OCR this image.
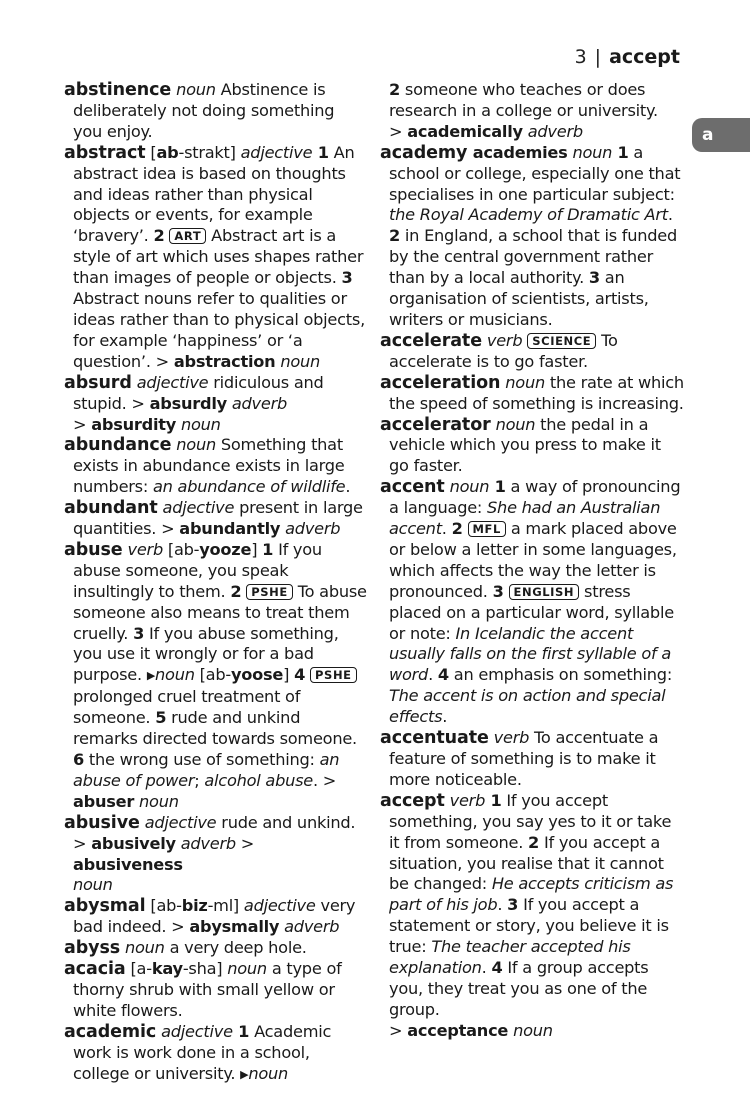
3 | accept
a

abstinence noun Abstinence is deliberately not doing something you enjoy.

abstract [ab-strakt] adjective 1 An abstract idea is based on thoughts and ideas rather than physical objects or events, for example ‘bravery’. 2 ART Abstract art is a style of art which uses shapes rather than images of people or objects. 3 Abstract nouns refer to qualities or ideas rather than to physical objects, for example ‘happiness’ or ‘a question’. > abstraction noun

absurd adjective ridiculous and stupid. > absurdly adverb
> absurdity noun

abundance noun Something that exists in abundance exists in large numbers: an abundance of wildlife.

abundant adjective present in large quantities. > abundantly adverb

abuse verb [ab-yooze] 1 If you abuse someone, you speak insultingly to them. 2 PSHE To abuse someone also means to treat them cruelly. 3 If you abuse something, you use it wrongly or for a bad purpose. ▶noun [ab-yoose] 4 PSHE prolonged cruel treatment of someone. 5 rude and unkind remarks directed towards someone. 6 the wrong use of something: an abuse of power; alcohol abuse. > abuser noun

abusive adjective rude and unkind.
> abusively adverb > abusiveness
noun

abysmal [ab-biz-ml] adjective very bad indeed. > abysmally adverb

abyss noun a very deep hole.

acacia [a-kay-sha] noun a type of thorny shrub with small yellow or white flowers.

academic adjective 1 Academic work is work done in a school, college or university. ▶noun

2 someone who teaches or does research in a college or university.
> academically adverb

academy academies noun 1 a school or college, especially one that specialises in one particular subject: the Royal Academy of Dramatic Art. 2 in England, a school that is funded by the central government rather than by a local authority. 3 an organisation of scientists, artists, writers or musicians.

accelerate verb SCIENCE To accelerate is to go faster.

acceleration noun the rate at which the speed of something is increasing.

accelerator noun the pedal in a vehicle which you press to make it go faster.

accent noun 1 a way of pronouncing a language: She had an Australian accent. 2 MFL a mark placed above or below a letter in some languages, which affects the way the letter is pronounced. 3 ENGLISH stress placed on a particular word, syllable or note: In Icelandic the accent usually falls on the first syllable of a word. 4 an emphasis on something: The accent is on action and special effects.

accentuate verb To accentuate a feature of something is to make it more noticeable.

accept verb 1 If you accept something, you say yes to it or take it from someone. 2 If you accept a situation, you realise that it cannot be changed: He accepts criticism as part of his job. 3 If you accept a statement or story, you believe it is true: The teacher accepted his explanation. 4 If a group accepts you, they treat you as one of the group.
> acceptance noun
